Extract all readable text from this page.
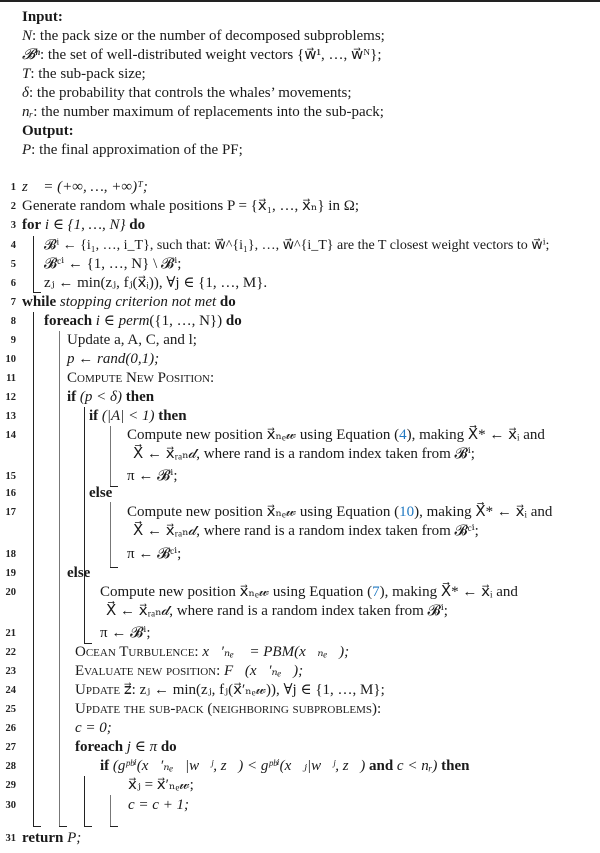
Input:
N: the pack size or the number of decomposed subproblems;
𝓑ⁿ: the set of well-distributed weight vectors {w⃗¹, …, w⃗ᴺ};
T: the sub-pack size;
δ: the probability that controls the whales’ movements;
nᵣ: the number maximum of replacements into the sub-pack;
Output:
P: the final approximation of the PF;
1 z⃗ = (+∞, …, +∞)ᵀ;
2 Generate random whale positions P = {x⃗₁, …, x⃗ₙ} in Ω;
3 for i ∈ {1, …, N} do
4 𝓑ⁱ ← {i₁, …, i_T}, such that: w⃗^{i₁}, …, w⃗^{i_T} are the T closest weight vectors to w⃗ⁱ;
5 𝓑ᶜⁱ ← {1, …, N} \ 𝓑ⁱ;
6 zⱼ ← min(zⱼ, fⱼ(x⃗ᵢ)), ∀j ∈ {1, …, M}.
7 while stopping criterion not met do
8 foreach i ∈ perm({1, …, N}) do
9	Update a, A, C, and l;
10	p ← rand(0,1);
11	Compute New Position:
12	if (p < δ) then
13	if (|A| < 1) then
14	Compute new position x⃗ₙₑ𝓌 using Equation (4), making X⃗* ← x⃗ᵢ and
X⃗ ← x⃗ᵣₐₙ𝒹, where rand is a random index taken from 𝓑ⁱ;
15	π ← 𝓑ⁱ;
16	else
17	Compute new position x⃗ₙₑ𝓌 using Equation (10), making X⃗* ← x⃗ᵢ and
X⃗ ← x⃗ᵣₐₙ𝒹, where rand is a random index taken from 𝓑ᶜⁱ;
18	π ← 𝓑ᶜⁱ;
19	else
20	Compute new position x⃗ₙₑ𝓌 using Equation (7), making X⃗* ← x⃗ᵢ and
X⃗ ← x⃗ᵣₐₙ𝒹, where rand is a random index taken from 𝓑ⁱ;
21	π ← 𝓑ⁱ;
22	Ocean Turbulence: x⃗′ₙₑ𝓌 = PBM(x⃗ₙₑ𝓌);
23	Evaluate new position: F⃗(x⃗′ₙₑ𝓌);
24	Update z⃗: zⱼ ← min(zⱼ, fⱼ(x⃗′ₙₑ𝓌)), ∀j ∈ {1, …, M};
25	Update the sub-pack (neighboring subproblems):
26	c = 0;
27	foreach j ∈ π do
28	if (gᵖᵇⁱ(x⃗′ₙₑ𝓌|w⃗ʲ, z⃗) < gᵖᵇⁱ(x⃗ⱼ|w⃗ʲ, z⃗) and c < nᵣ) then
29	x⃗ⱼ = x⃗′ₙₑ𝓌;
30	c = c + 1;
31 return P;
